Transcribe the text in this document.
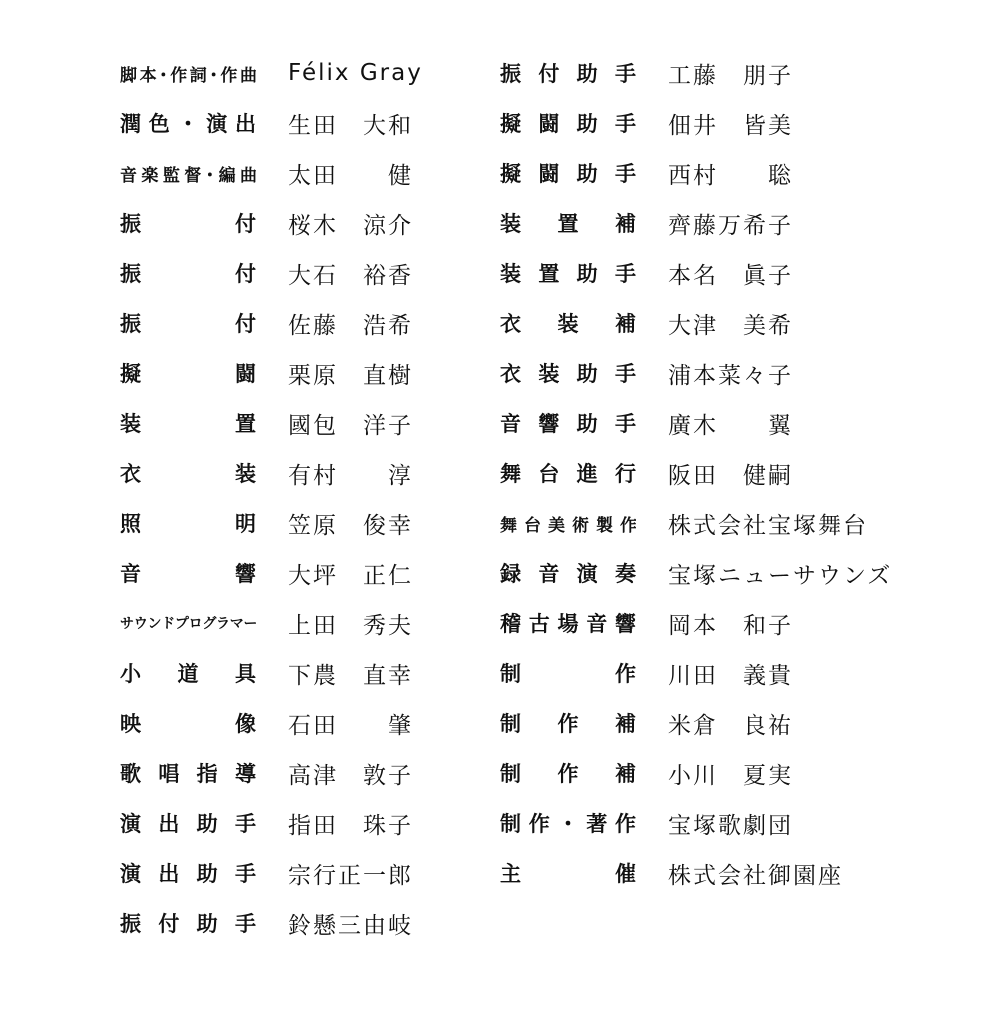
脚​本​･​作​詞​･​作​曲 Félix Gray
潤​色​・​演​出 生田　大和
音​楽​監​督​･​編​曲 太田　　健
振​付 桜木　涼介
振​付 大石　裕香
振​付 佐藤　浩希
擬​闘 栗原　直樹
装​置 國包　洋子
衣​装 有村　　淳
照​明 笠原　俊幸
音​響 大坪　正仁
サ​ウ​ン​ド​プ​ロ​グ​ラ​マ​ー 上田　秀夫
小​道​具 下農　直幸
映​像 石田　　肇
歌​唱​指​導 高津　敦子
演​出​助​手 指田　珠子
演​出​助​手 宗行正一郎
振​付​助​手 鈴懸三由岐
振​付​助​手 工藤　朋子
擬​闘​助​手 佃井　皆美
擬​闘​助​手 西村　　聡
装​置​補 齊藤万希子
装​置​助​手 本名　眞子
衣​装​補 大津　美希
衣​装​助​手 浦本菜々子
音​響​助​手 廣木　　翼
舞​台​進​行 阪田　健嗣
舞​台​美​術​製​作 株式会社宝塚舞台
録​音​演​奏 宝塚ニューサウンズ
稽​古​場​音​響 岡本　和子
制​作 川田　義貴
制​作​補 米倉　良祐
制​作​補 小川　夏実
制​作​・​著​作 宝塚歌劇団
主​催 株式会社御園座
